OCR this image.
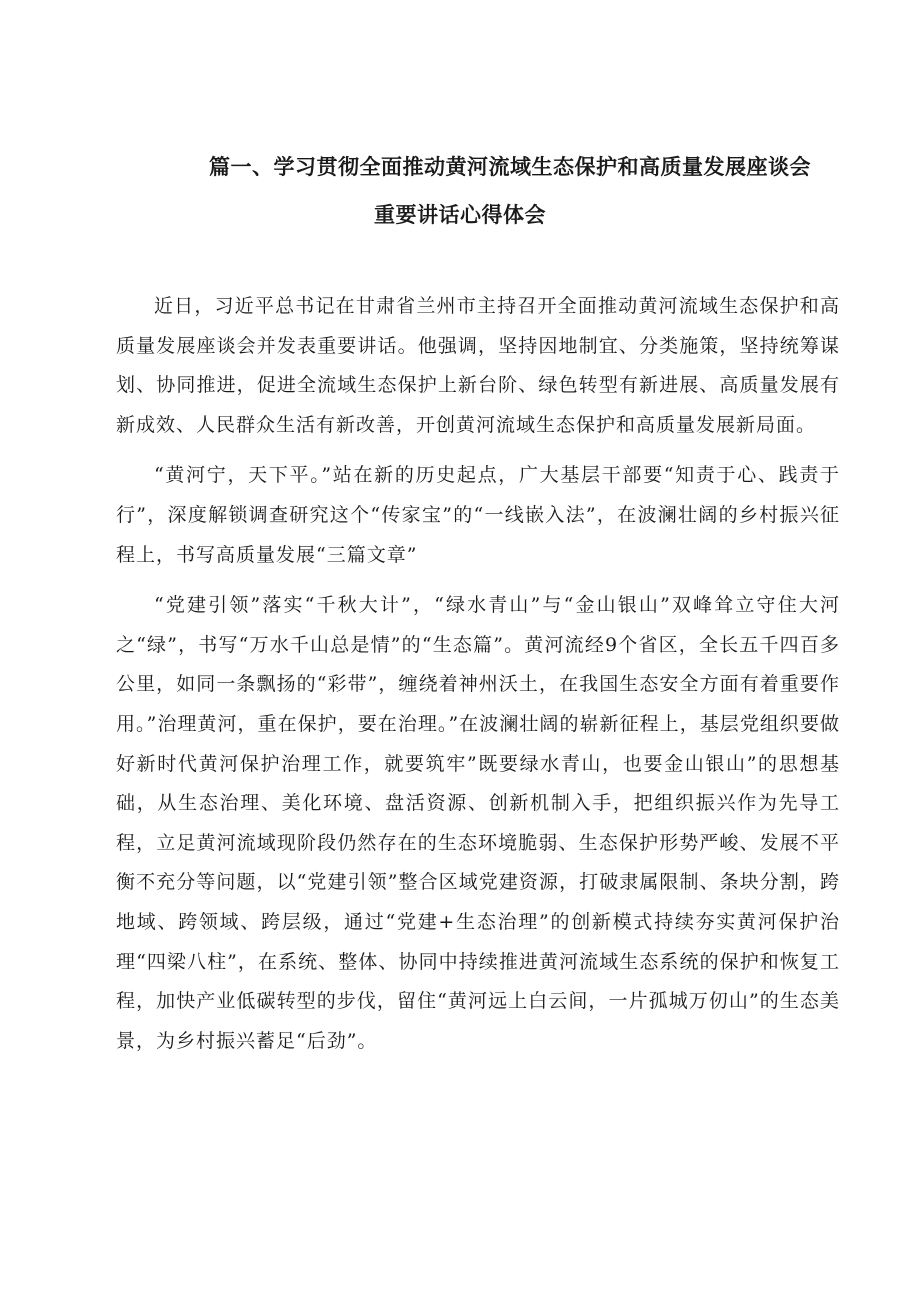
篇一、学习贯彻全面推动黄河流域生态保护和高质量发展座谈会
重要讲话心得体会

近日，习近平总书记在甘肃省兰州市主持召开全面推动黄河流域生态保护和高质量发展座谈会并发表重要讲话。他强调，坚持因地制宜、分类施策，坚持统筹谋划、协同推进，促进全流域生态保护上新台阶、绿色转型有新进展、高质量发展有新成效、人民群众生活有新改善，开创黄河流域生态保护和高质量发展新局面。

“黄河宁，天下平。”站在新的历史起点，广大基层干部要“知责于心、践责于行”，深度解锁调查研究这个“传家宝”的“一线嵌入法”，在波澜壮阔的乡村振兴征程上，书写高质量发展“三篇文章”

“党建引领”落实“千秋大计”，“绿水青山”与“金山银山”双峰耸立守住大河之“绿”，书写“万水千山总是情”的“生态篇”。黄河流经9个省区，全长五千四百多公里，如同一条飘扬的“彩带”，缠绕着神州沃土，在我国生态安全方面有着重要作用。”治理黄河，重在保护，要在治理。”在波澜壮阔的崭新征程上，基层党组织要做好新时代黄河保护治理工作，就要筑牢”既要绿水青山，也要金山银山”的思想基础，从生态治理、美化环境、盘活资源、创新机制入手，把组织振兴作为先导工程，立足黄河流域现阶段仍然存在的生态环境脆弱、生态保护形势严峻、发展不平衡不充分等问题，以“党建引领”整合区域党建资源，打破隶属限制、条块分割，跨地域、跨领域、跨层级，通过“党建+生态治理”的创新模式持续夯实黄河保护治理“四梁八柱”，在系统、整体、协同中持续推进黄河流域生态系统的保护和恢复工程，加快产业低碳转型的步伐，留住“黄河远上白云间，一片孤城万仞山”的生态美景，为乡村振兴蓄足“后劲”。
